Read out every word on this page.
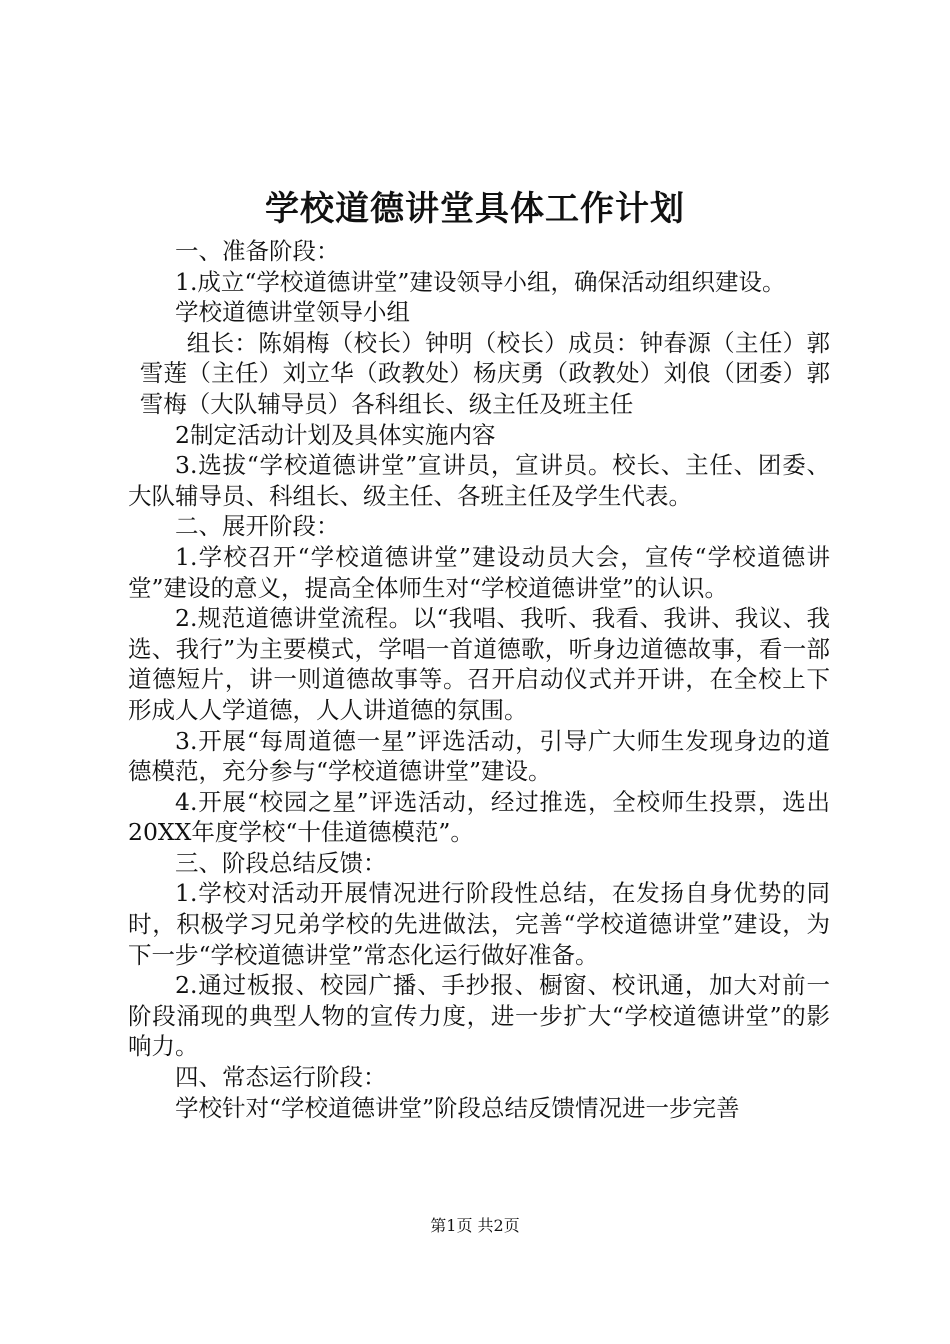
学校道德讲堂具体工作计划

一、准备阶段：

1.成立“学校道德讲堂”建设领导小组，确保活动组织建设。

学校道德讲堂领导小组

组长：陈娟梅（校长）钟明（校长）成员：钟春源（主任）郭雪莲（主任）刘立华（政教处）杨庆勇（政教处）刘俍（团委）郭雪梅（大队辅导员）各科组长、级主任及班主任

2制定活动计划及具体实施内容

3.选拔“学校道德讲堂”宣讲员，宣讲员。校长、主任、团委、大队辅导员、科组长、级主任、各班主任及学生代表。

二、展开阶段：

1.学校召开“学校道德讲堂”建设动员大会，宣传“学校道德讲堂”建设的意义，提高全体师生对“学校道德讲堂”的认识。

2.规范道德讲堂流程。以“我唱、我听、我看、我讲、我议、我选、我行”为主要模式，学唱一首道德歌，听身边道德故事，看一部道德短片，讲一则道德故事等。召开启动仪式并开讲，在全校上下形成人人学道德，人人讲道德的氛围。

3.开展“每周道德一星”评选活动，引导广大师生发现身边的道德模范，充分参与“学校道德讲堂”建设。

4.开展“校园之星”评选活动，经过推选，全校师生投票，选出20XX年度学校“十佳道德模范”。

三、阶段总结反馈：

1.学校对活动开展情况进行阶段性总结，在发扬自身优势的同时，积极学习兄弟学校的先进做法，完善“学校道德讲堂”建设，为下一步“学校道德讲堂”常态化运行做好准备。

2.通过板报、校园广播、手抄报、橱窗、校讯通，加大对前一阶段涌现的典型人物的宣传力度，进一步扩大“学校道德讲堂”的影响力。

四、常态运行阶段：

学校针对“学校道德讲堂”阶段总结反馈情况进一步完善

第1页 共2页
